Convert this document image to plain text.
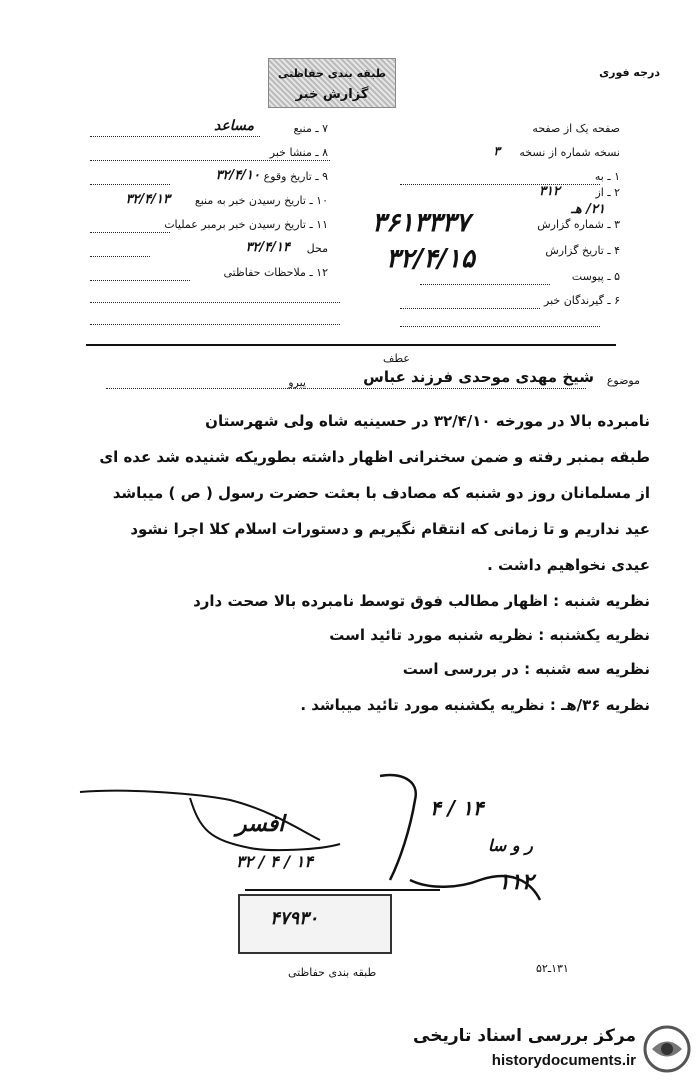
طبقه بندی حفاظتی
گزارش خبر
درجه فوری
۷ ـ منبع
مساعد
۸ ـ منشا خبر
۹ ـ تاریخ وقوع
۳۲/۴/۱۰
۱۰ ـ تاریخ رسیدن خبر به منبع
۳۲/۴/۱۳
۱۱ ـ تاریخ رسیدن خبر برمبر عملیات
محل
۳۲/۴/۱۴
۱۲ ـ ملاحظات حفاظتی
صفحه یک از صفحه
نسخه شماره از نسخه
۳
۱ ـ به
۲ ـ از
۳۱۲
۳ ـ شماره گزارش
۲۱/ هـ
۳۶۱۳۳۳۷
۴ ـ تاریخ گزارش
۳۲/۴/۱۵
۵ ـ پیوست
۶ ـ گیرندگان خبر
عطف
موضوع
شیخ مهدی موحدی فرزند عباس
پیرو
نامبرده بالا در مورخه ۳۲/۴/۱۰ در حسینیه شاه ولی شهرستان
طبقه بمنبر رفته و ضمن سخنرانی اظهار داشته بطوریکه شنیده شد عده ای
از مسلمانان روز دو شنبه که مصادف با بعثت حضرت رسول ( ص ) میباشد
عید نداریم و تا زمانی که انتقام نگیریم و دستورات اسلام کلا اجرا نشود
عیدی نخواهیم داشت .
نظریه شنبه : اظهار مطالب فوق توسط نامبرده بالا صحت دارد
نظریه یکشنبه : نظریه شنبه مورد تائید است
نظریه سه شنبه : در بررسی است
نظریه ۳۶/هـ : نظریه یکشنبه مورد تائید میباشد .
افسر
۱۴ / ۴ / ۳۲
۱۴ / ۴
ر و سا
۱۱۲
۴۷۹۳۰
۱۳۱ـ۵۲
طبقه بندی حفاظتی
مرکز بررسی اسناد تاریخی
historydocuments.ir
